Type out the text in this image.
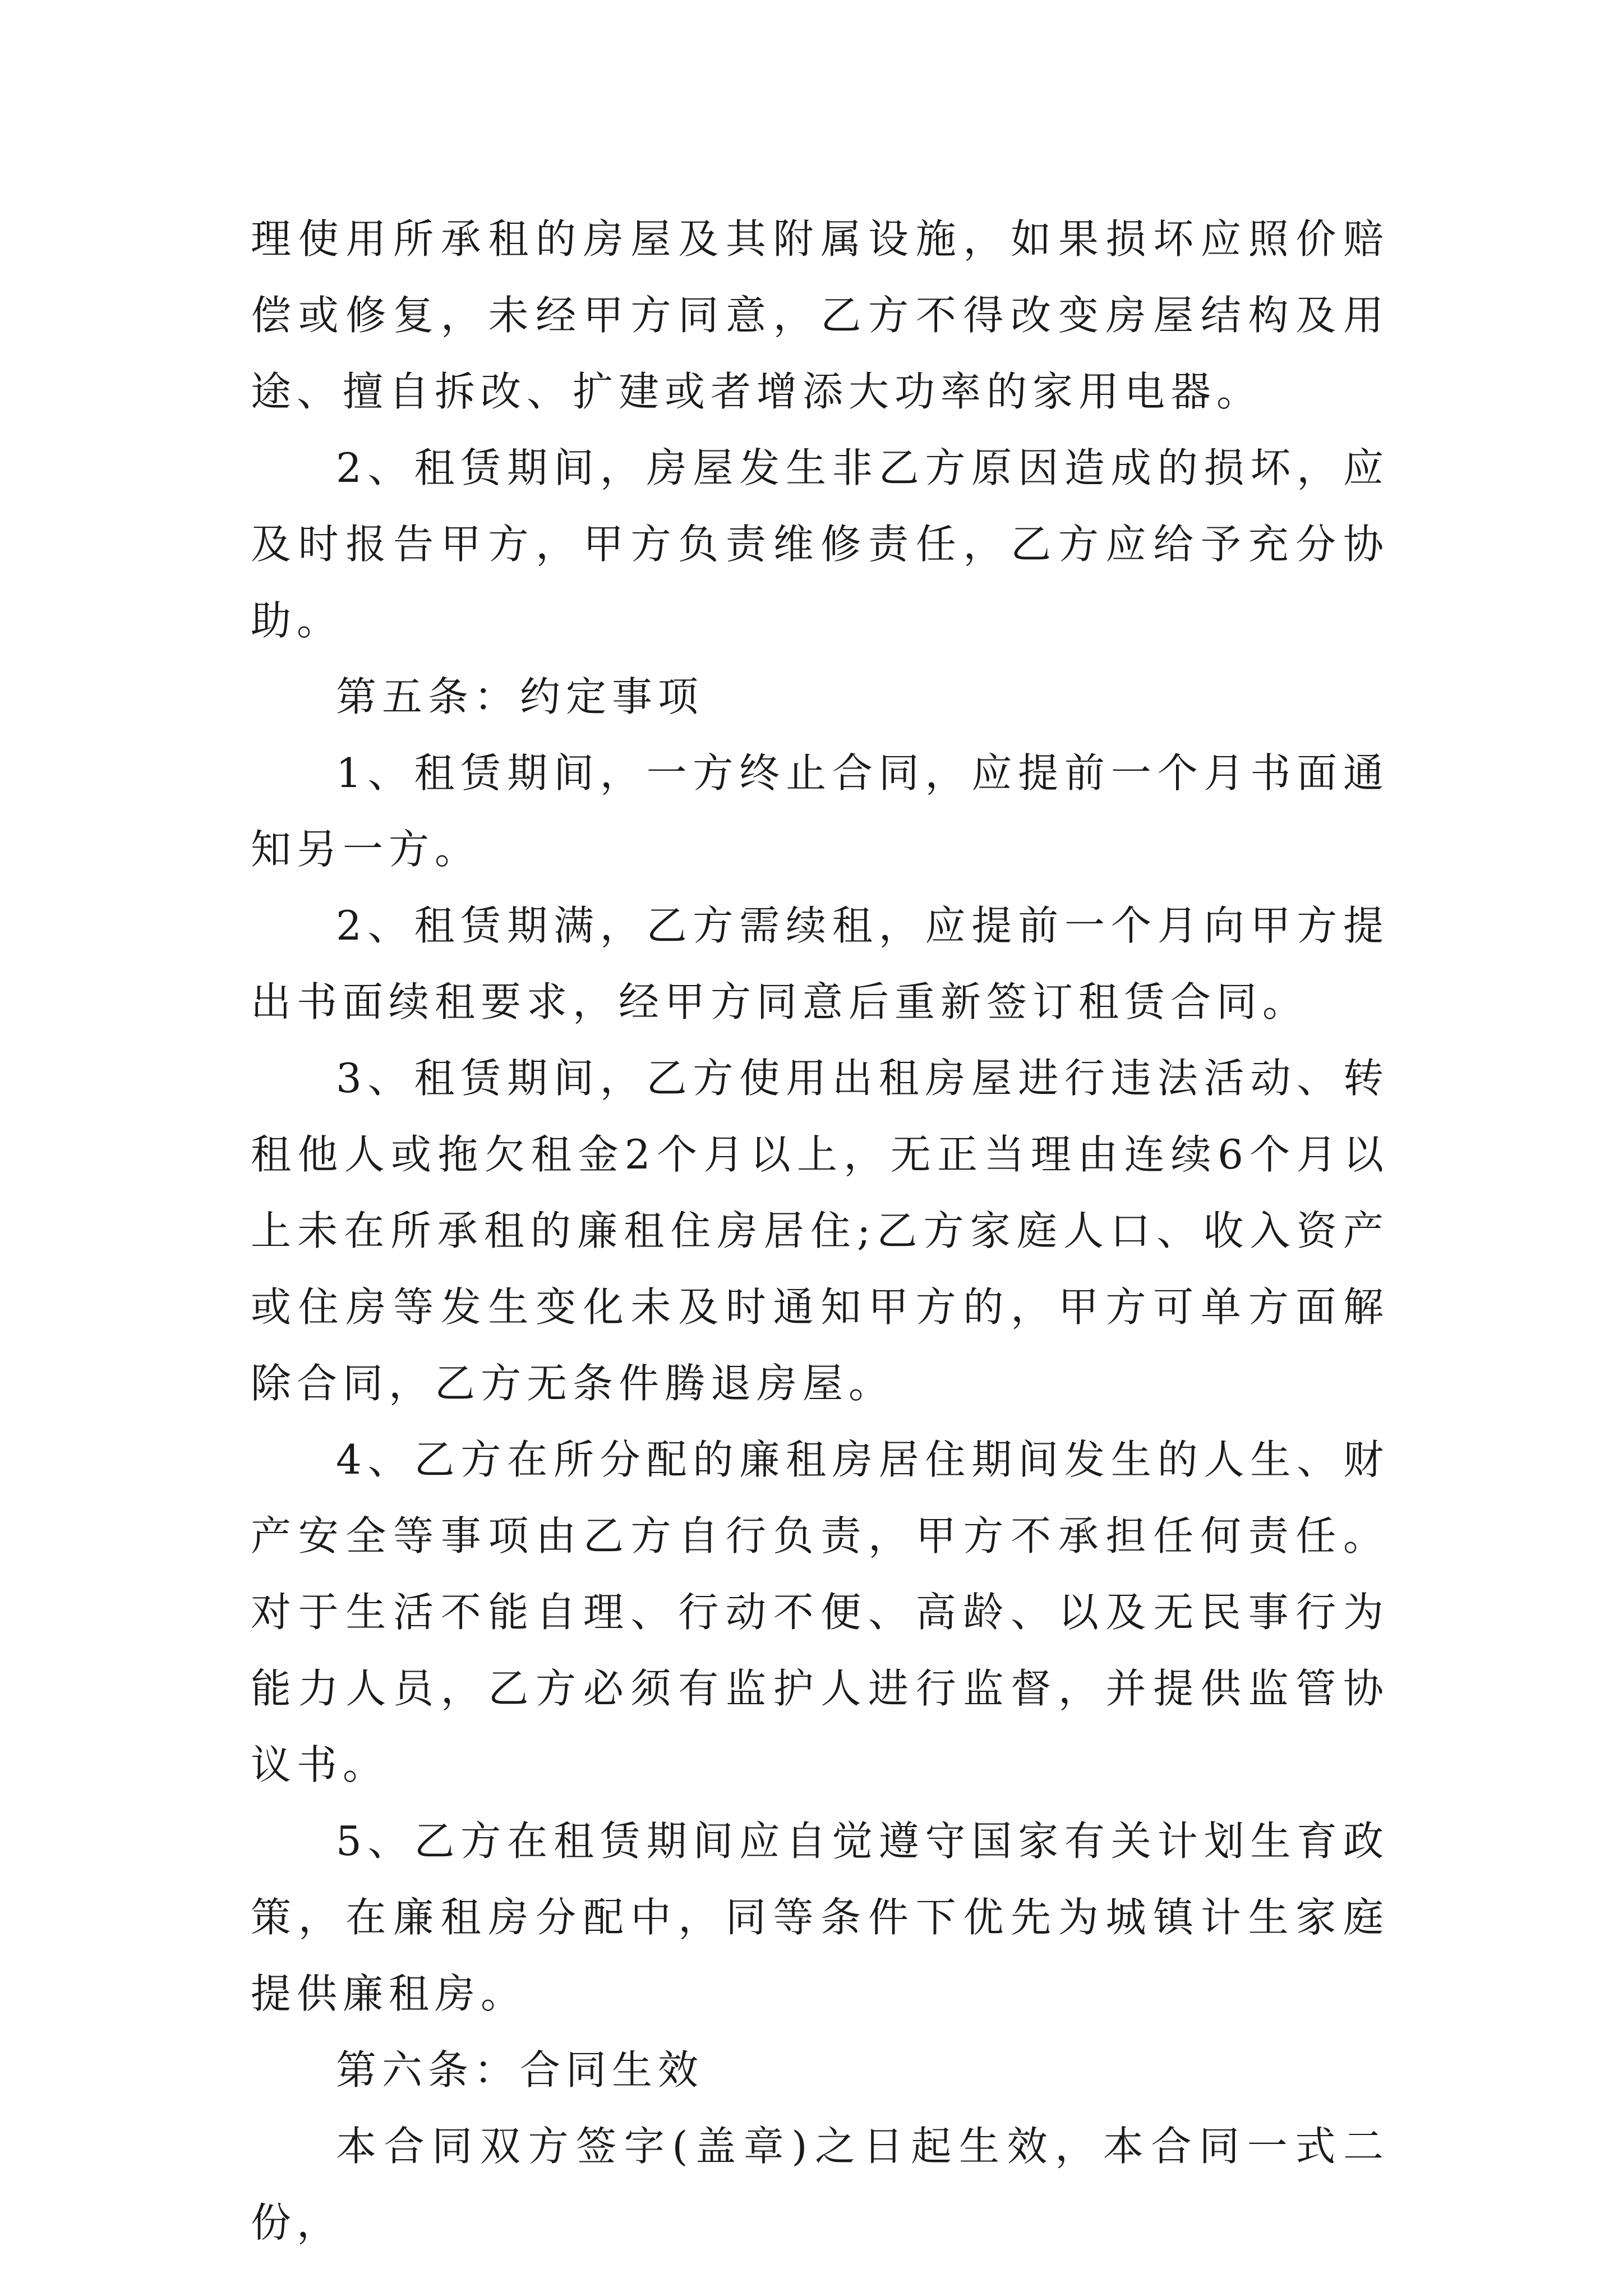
理使用所承租的房屋及其附属设施，如果损坏应照价赔偿或修复，未经甲方同意，乙方不得改变房屋结构及用途、擅自拆改、扩建或者增添大功率的家用电器。

2、租赁期间，房屋发生非乙方原因造成的损坏，应及时报告甲方，甲方负责维修责任，乙方应给予充分协助。

第五条：约定事项

1、租赁期间，一方终止合同，应提前一个月书面通知另一方。

2、租赁期满，乙方需续租，应提前一个月向甲方提出书面续租要求，经甲方同意后重新签订租赁合同。

3、租赁期间，乙方使用出租房屋进行违法活动、转租他人或拖欠租金2个月以上，无正当理由连续6个月以上未在所承租的廉租住房居住;乙方家庭人口、收入资产或住房等发生变化未及时通知甲方的，甲方可单方面解除合同，乙方无条件腾退房屋。

4、乙方在所分配的廉租房居住期间发生的人生、财产安全等事项由乙方自行负责，甲方不承担任何责任。对于生活不能自理、行动不便、高龄、以及无民事行为能力人员，乙方必须有监护人进行监督，并提供监管协议书。

5、乙方在租赁期间应自觉遵守国家有关计划生育政策，在廉租房分配中，同等条件下优先为城镇计生家庭提供廉租房。

第六条：合同生效

本合同双方签字(盖章)之日起生效，本合同一式二份，
